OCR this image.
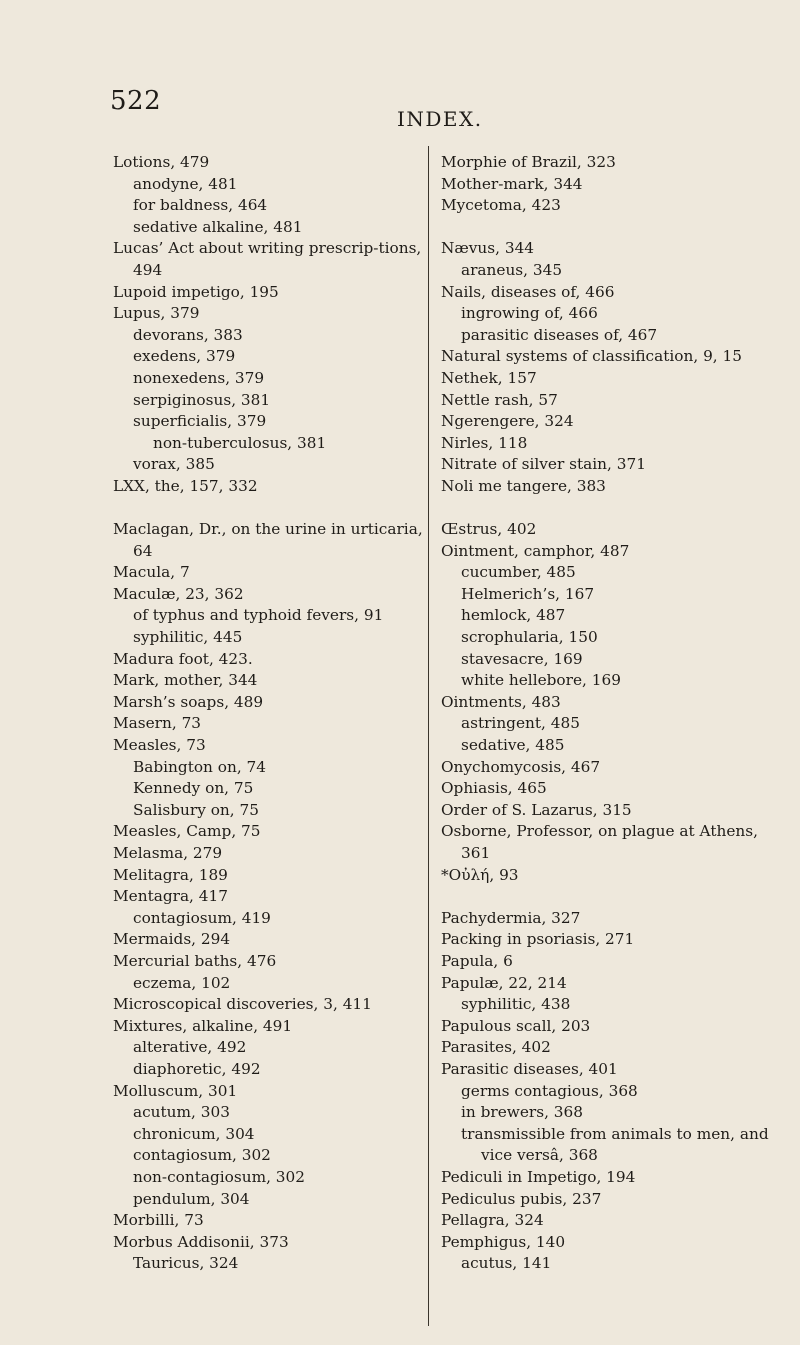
522
INDEX.
Lotions, 479
anodyne, 481
for baldness, 464
sedative alkaline, 481
Lucas’ Act about writing prescrip-tions, 494
Lupoid impetigo, 195
Lupus, 379
devorans, 383
exedens, 379
nonexedens, 379
serpiginosus, 381
superficialis, 379
non-tuberculosus, 381
vorax, 385
LXX, the, 157, 332
Maclagan, Dr., on the urine in urticaria, 64
Macula, 7
Maculæ, 23, 362
of typhus and typhoid fevers, 91
syphilitic, 445
Madura foot, 423.
Mark, mother, 344
Marsh’s soaps, 489
Masern, 73
Measles, 73
Babington on, 74
Kennedy on, 75
Salisbury on, 75
Measles, Camp, 75
Melasma, 279
Melitagra, 189
Mentagra, 417
contagiosum, 419
Mermaids, 294
Mercurial baths, 476
eczema, 102
Microscopical discoveries, 3, 411
Mixtures, alkaline, 491
alterative, 492
diaphoretic, 492
Molluscum, 301
acutum, 303
chronicum, 304
contagiosum, 302
non-contagiosum, 302
pendulum, 304
Morbilli, 73
Morbus Addisonii, 373
Tauricus, 324
Morphie of Brazil, 323
Mother-mark, 344
Mycetoma, 423
Nævus, 344
araneus, 345
Nails, diseases of, 466
ingrowing of, 466
parasitic diseases of, 467
Natural systems of classification, 9, 15
Nethek, 157
Nettle rash, 57
Ngerengere, 324
Nirles, 118
Nitrate of silver stain, 371
Noli me tangere, 383
Œstrus, 402
Ointment, camphor, 487
cucumber, 485
Helmerich’s, 167
hemlock, 487
scrophularia, 150
stavesacre, 169
white hellebore, 169
Ointments, 483
astringent, 485
sedative, 485
Onychomycosis, 467
Ophiasis, 465
Order of S. Lazarus, 315
Osborne, Professor, on plague at Athens, 361
*Οὐλή, 93
Pachydermia, 327
Packing in psoriasis, 271
Papula, 6
Papulæ, 22, 214
syphilitic, 438
Papulous scall, 203
Parasites, 402
Parasitic diseases, 401
germs contagious, 368
in brewers, 368
transmissible from animals to men, and vice versâ, 368
Pediculi in Impetigo, 194
Pediculus pubis, 237
Pellagra, 324
Pemphigus, 140
acutus, 141
